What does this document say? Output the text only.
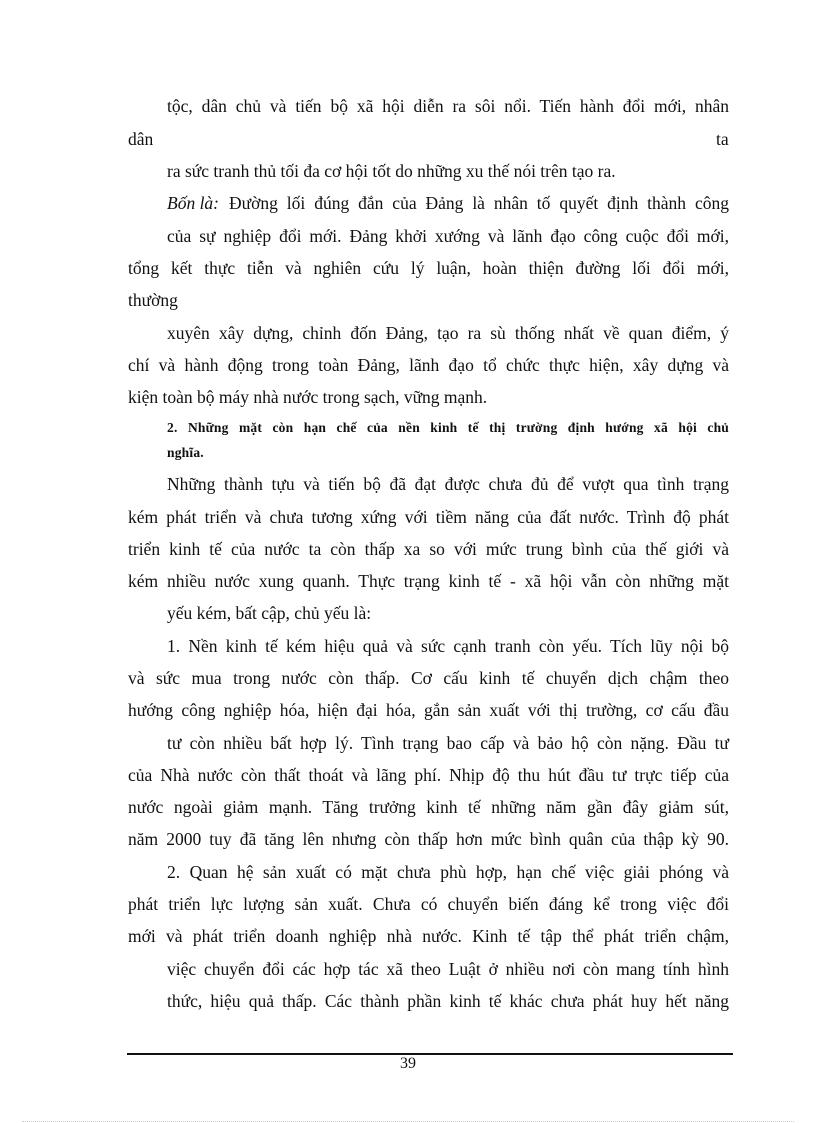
tộc, dân chủ và tiến bộ xã hội diễn ra sôi nổi. Tiến hành đổi mới, nhân
dân	ta
ra sức tranh thủ tối đa cơ hội tốt do những xu thế nói trên tạo ra.
Bốn là: Đường lối đúng đắn của Đảng là nhân tố quyết định thành công
của sự nghiệp đổi mới. Đảng khởi xướng và lãnh đạo công cuộc đổi mới,
tổng kết thực tiễn và nghiên cứu lý luận, hoàn thiện đường lối đổi mới,
thường
xuyên xây dựng, chỉnh đốn Đảng, tạo ra sù thống nhất về quan điểm, ý
chí và hành động trong toàn Đảng, lãnh đạo tổ chức thực hiện, xây dựng và
kiện toàn bộ máy nhà nước trong sạch, vững mạnh.
2. Những mặt còn hạn chế của nền kinh tế thị trường định hướng xã hội chủ
nghĩa.
Những thành tựu và tiến bộ đã đạt được chưa đủ để vượt qua tình trạng
kém phát triển và chưa tương xứng với tiềm năng của đất nước. Trình độ phát
triển kinh tế của nước ta còn thấp xa so với mức trung bình của thế giới và
kém nhiều nước xung quanh. Thực trạng kinh tế - xã hội vẫn còn những mặt
yếu kém, bất cập, chủ yếu là:
1. Nền kinh tế kém hiệu quả và sức cạnh tranh còn yếu. Tích lũy nội bộ
và sức mua trong nước còn thấp. Cơ cấu kinh tế chuyển dịch chậm theo
hướng công nghiệp hóa, hiện đại hóa, gắn sản xuất với thị trường, cơ cấu đầu
tư còn nhiều bất hợp lý. Tình trạng bao cấp và bảo hộ còn nặng. Đầu tư
của Nhà nước còn thất thoát và lãng phí. Nhịp độ thu hút đầu tư trực tiếp của
nước ngoài giảm mạnh. Tăng trưởng kinh tế những năm gần đây giảm sút,
năm 2000 tuy đã tăng lên nhưng còn thấp hơn mức bình quân của thập kỳ 90.
2. Quan hệ sản xuất có mặt chưa phù hợp, hạn chế việc giải phóng và
phát triển lực lượng sản xuất. Chưa có chuyển biến đáng kể trong việc đổi
mới và phát triển doanh nghiệp nhà nước. Kinh tế tập thể phát triển chậm,
việc chuyển đổi các hợp tác xã theo Luật ở nhiều nơi còn mang tính hình
thức, hiệu quả thấp. Các thành phần kinh tế khác chưa phát huy hết năng
39
